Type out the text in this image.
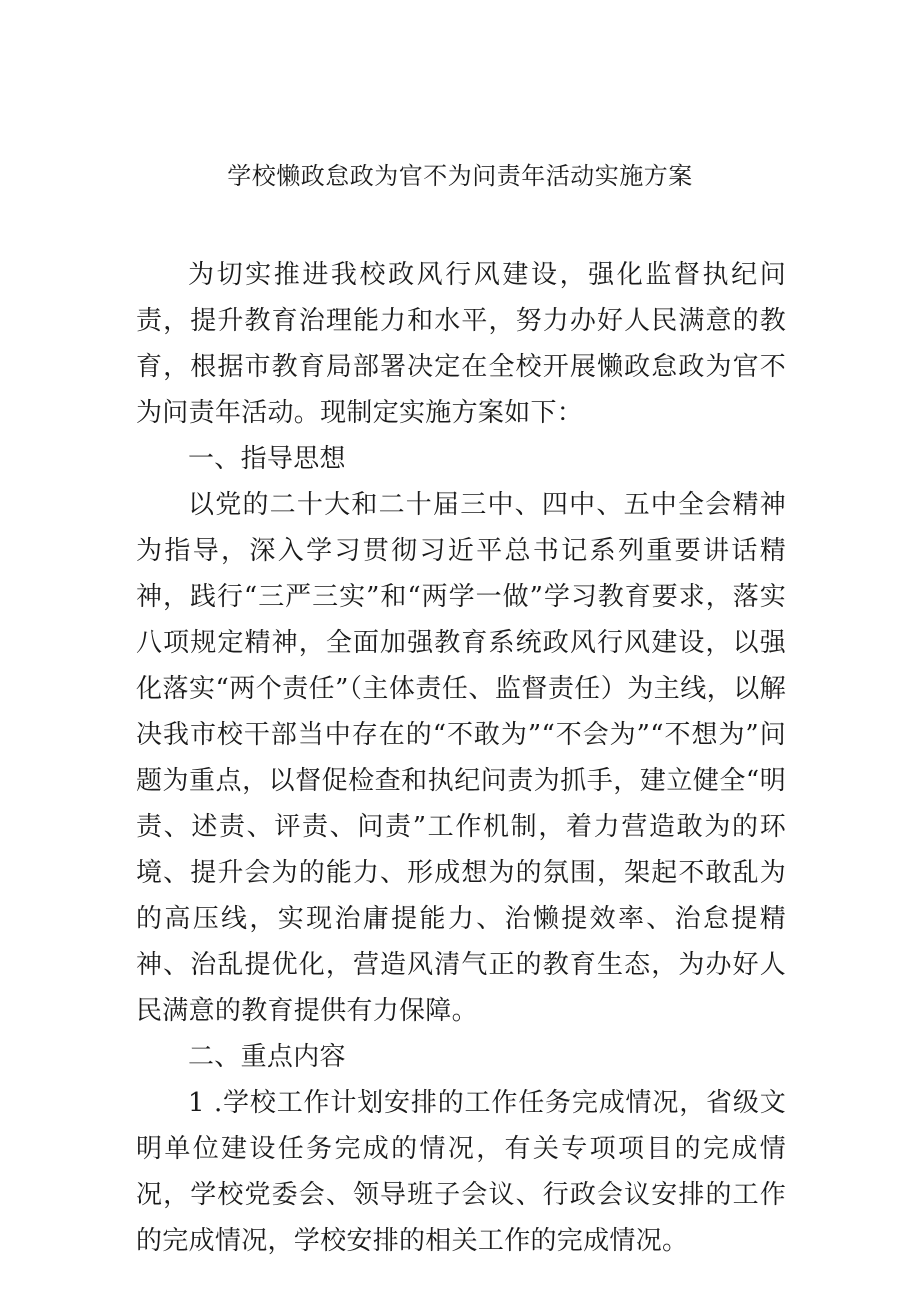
学校懒政怠政为官不为问责年活动实施方案

为切实推进我校政风行风建设，强化监督执纪问责，提升教育治理能力和水平，努力办好人民满意的教育，根据市教育局部署决定在全校开展懒政怠政为官不为问责年活动。现制定实施方案如下：

一、指导思想

以党的二十大和二十届三中、四中、五中全会精神为指导，深入学习贯彻习近平总书记系列重要讲话精神，践行“三严三实”和“两学一做”学习教育要求，落实八项规定精神，全面加强教育系统政风行风建设，以强化落实“两个责任”（主体责任、监督责任）为主线，以解决我市校干部当中存在的“不敢为”“不会为”“不想为”问题为重点，以督促检查和执纪问责为抓手，建立健全“明责、述责、评责、问责”工作机制，着力营造敢为的环境、提升会为的能力、形成想为的氛围，架起不敢乱为的高压线，实现治庸提能力、治懒提效率、治怠提精神、治乱提优化，营造风清气正的教育生态，为办好人民满意的教育提供有力保障。

二、重点内容

1 .学校工作计划安排的工作任务完成情况，省级文明单位建设任务完成的情况，有关专项项目的完成情况，学校党委会、领导班子会议、行政会议安排的工作的完成情况，学校安排的相关工作的完成情况。
